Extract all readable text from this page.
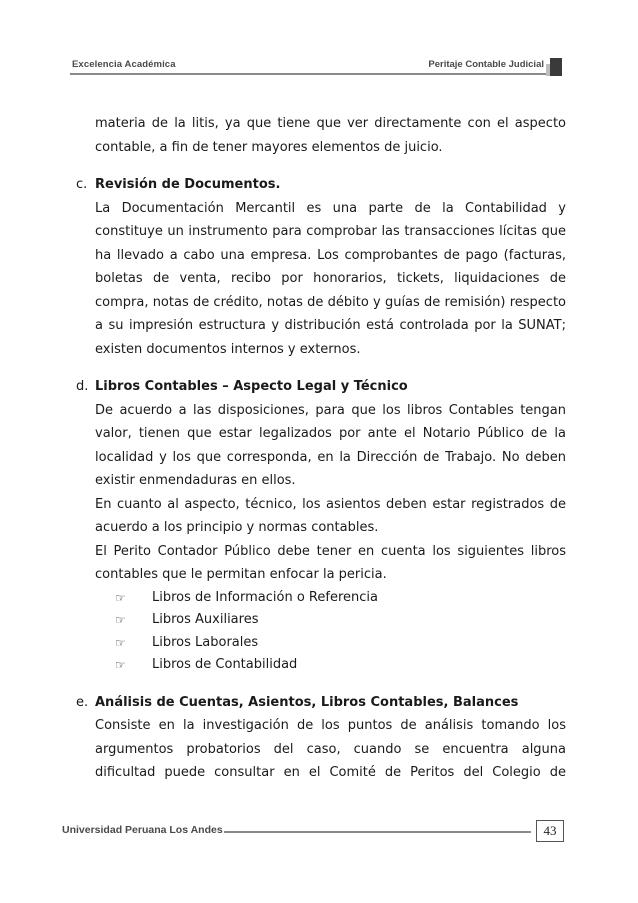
Excelencia Académica	Peritaje Contable Judicial

materia de la litis, ya que tiene que ver directamente con el aspecto contable, a fin de tener mayores elementos de juicio.

c. Revisión de Documentos.

La Documentación Mercantil es una parte de la Contabilidad y constituye un instrumento para comprobar las transacciones lícitas que ha llevado a cabo una empresa. Los comprobantes de pago (facturas, boletas de venta, recibo por honorarios, tickets, liquidaciones de compra, notas de crédito, notas de débito y guías de remisión) respecto a su impresión estructura y distribución está controlada por la SUNAT; existen documentos internos y externos.

d. Libros Contables – Aspecto Legal y Técnico

De acuerdo a las disposiciones, para que los libros Contables tengan valor, tienen que estar legalizados por ante el Notario Público de la localidad y los que corresponda, en la Dirección de Trabajo. No deben existir enmendaduras en ellos.

En cuanto al aspecto, técnico, los asientos deben estar registrados de acuerdo a los principio y normas contables.

El Perito Contador Público debe tener en cuenta los siguientes libros contables que le permitan enfocar la pericia.

☞ Libros de Información o Referencia
☞ Libros Auxiliares
☞ Libros Laborales
☞ Libros de Contabilidad
e. Análisis de Cuentas, Asientos, Libros Contables, Balances

Consiste en la investigación de los puntos de análisis tomando los argumentos probatorios del caso, cuando se encuentra alguna dificultad puede consultar en el Comité de Peritos del Colegio de

Universidad Peruana Los Andes	43
